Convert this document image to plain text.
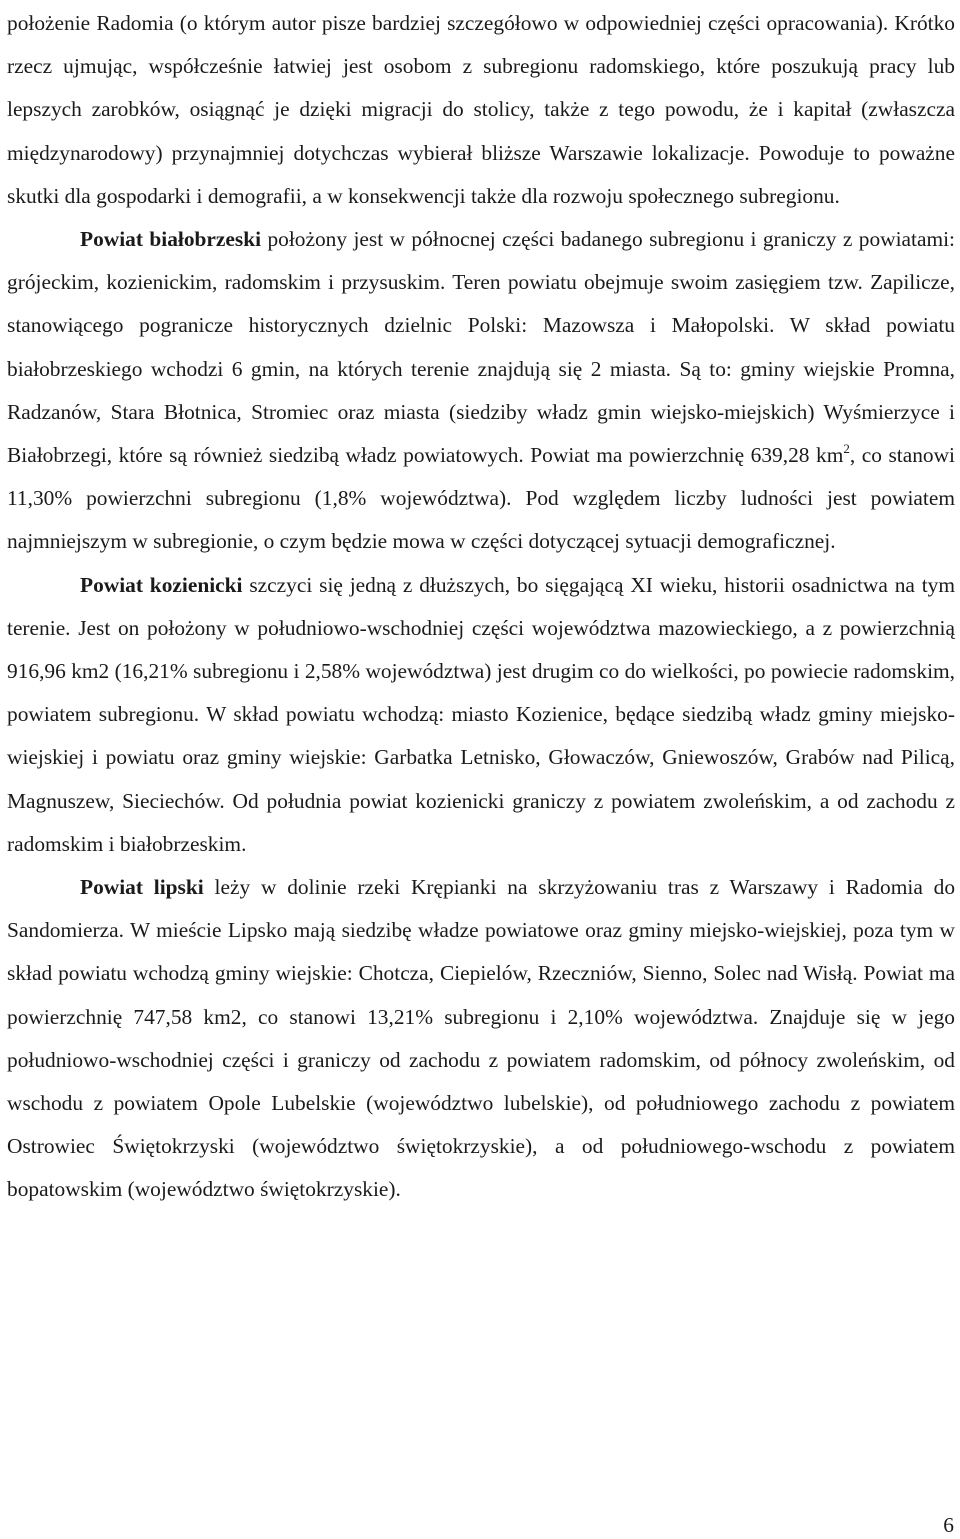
położenie Radomia (o którym autor pisze bardziej szczegółowo w odpowiedniej części opracowania). Krótko rzecz ujmując, współcześnie łatwiej jest osobom z subregionu radomskiego, które poszukują pracy lub lepszych zarobków, osiągnąć je dzięki migracji do stolicy, także z tego powodu, że i kapitał (zwłaszcza międzynarodowy) przynajmniej dotychczas wybierał bliższe Warszawie lokalizacje. Powoduje to poważne skutki dla gospodarki i demografii, a w konsekwencji także dla rozwoju społecznego subregionu.

Powiat białobrzeski położony jest w północnej części badanego subregionu i graniczy z powiatami: grójeckim, kozienickim, radomskim i przysuskim. Teren powiatu obejmuje swoim zasięgiem tzw. Zapilicze, stanowiącego pogranicze historycznych dzielnic Polski: Mazowsza i Małopolski. W skład powiatu białobrzeskiego wchodzi 6 gmin, na których terenie znajdują się 2 miasta. Są to: gminy wiejskie Promna, Radzanów, Stara Błotnica, Stromiec oraz miasta (siedziby władz gmin wiejsko-miejskich) Wyśmierzyce i Białobrzegi, które są również siedzibą władz powiatowych. Powiat ma powierzchnię 639,28 $km^2$, co stanowi 11,30% powierzchni subregionu (1,8% województwa). Pod względem liczby ludności jest powiatem najmniejszym w subregionie, o czym będzie mowa w części dotyczącej sytuacji demograficznej.

Powiat kozienicki szczyci się jedną z dłuższych, bo sięgającą XI wieku, historii osadnictwa na tym terenie. Jest on położony w południowo-wschodniej części województwa mazowieckiego, a z powierzchnią 916,96 km2 (16,21% subregionu i 2,58% województwa) jest drugim co do wielkości, po powiecie radomskim, powiatem subregionu. W skład powiatu wchodzą: miasto Kozienice, będące siedzibą władz gminy miejsko-wiejskiej i powiatu oraz gminy wiejskie: Garbatka Letnisko, Głowaczów, Gniewoszów, Grabów nad Pilicą, Magnuszew, Sieciechów. Od południa powiat kozienicki graniczy z powiatem zwoleńskim, a od zachodu z radomskim i białobrzeskim.

Powiat lipski leży w dolinie rzeki Krępianki na skrzyżowaniu tras z Warszawy i Radomia do Sandomierza. W mieście Lipsko mają siedzibę władze powiatowe oraz gminy miejsko-wiejskiej, poza tym w skład powiatu wchodzą gminy wiejskie: Chotcza, Ciepielów, Rzeczniów, Sienno, Solec nad Wisłą. Powiat ma powierzchnię 747,58 km2, co stanowi 13,21% subregionu i 2,10% województwa. Znajduje się w jego południowo-wschodniej części i graniczy od zachodu z powiatem radomskim, od północy zwoleńskim, od wschodu z powiatem Opole Lubelskie (województwo lubelskie), od południowego zachodu z powiatem Ostrowiec Świętokrzyski (województwo świętokrzyskie), a od południowego-wschodu z powiatem bopatowskim (województwo świętokrzyskie).

6
